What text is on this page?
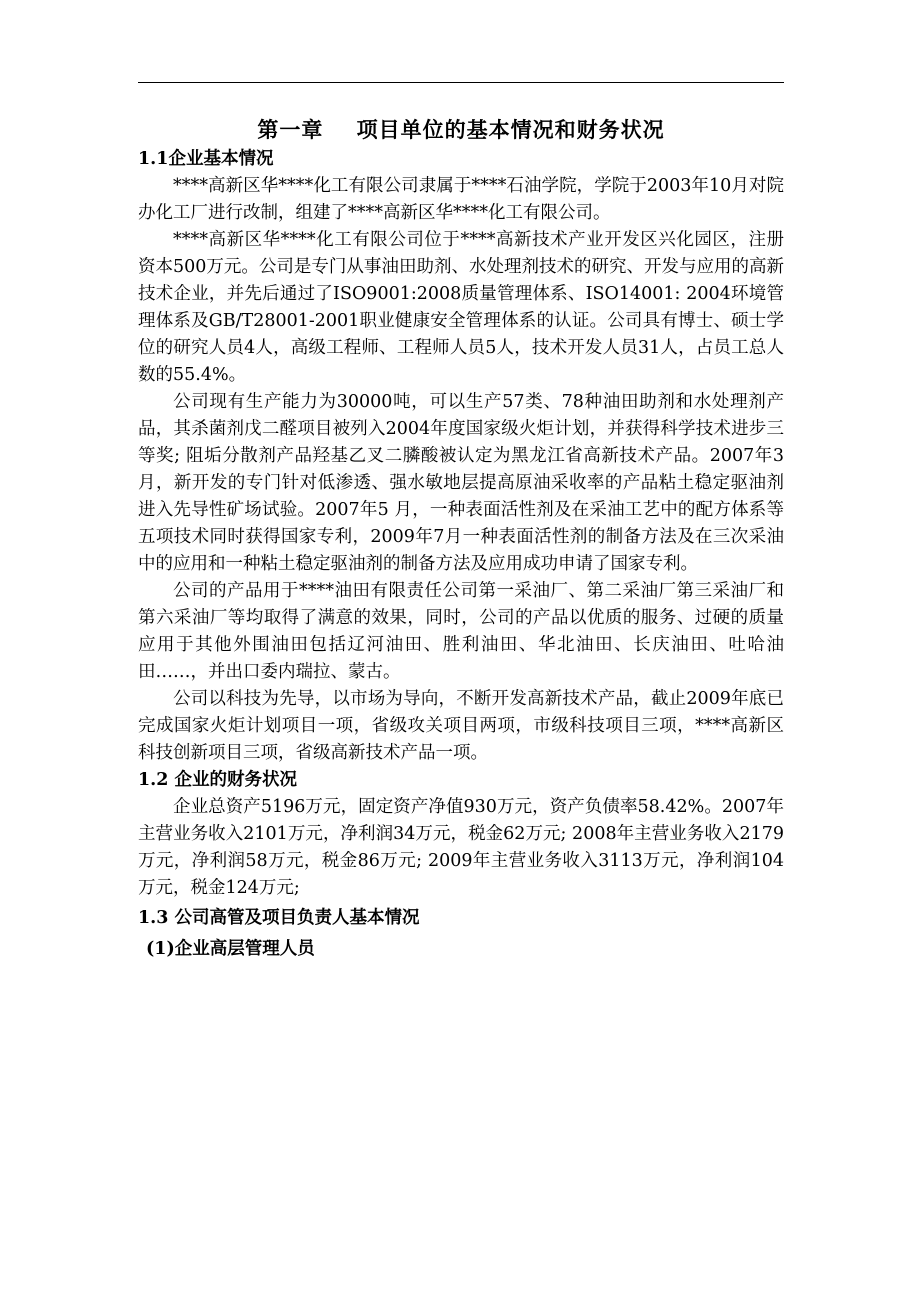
第一章    项目单位的基本情况和财务状况
1.1企业基本情况

****高新区华****化工有限公司隶属于****石油学院，学院于2003年10月对院办化工厂进行改制，组建了****高新区华****化工有限公司。

****高新区华****化工有限公司位于****高新技术产业开发区兴化园区，注册资本500万元。公司是专门从事油田助剂、水处理剂技术的研究、开发与应用的高新技术企业，并先后通过了ISO9001:2008质量管理体系、ISO14001: 2004环境管理体系及GB/T28001-2001职业健康安全管理体系的认证。公司具有博士、硕士学位的研究人员4人，高级工程师、工程师人员5人，技术开发人员31人，占员工总人数的55.4%。

公司现有生产能力为30000吨，可以生产57类、78种油田助剂和水处理剂产品，其杀菌剂戊二醛项目被列入2004年度国家级火炬计划，并获得科学技术进步三等奖; 阻垢分散剂产品羟基乙叉二膦酸被认定为黑龙江省高新技术产品。2007年3月，新开发的专门针对低渗透、强水敏地层提高原油采收率的产品粘土稳定驱油剂进入先导性矿场试验。2007年5 月，一种表面活性剂及在采油工艺中的配方体系等五项技术同时获得国家专利，2009年7月一种表面活性剂的制备方法及在三次采油中的应用和一种粘土稳定驱油剂的制备方法及应用成功申请了国家专利。

公司的产品用于****油田有限责任公司第一采油厂、第二采油厂第三采油厂和第六采油厂等均取得了满意的效果，同时，公司的产品以优质的服务、过硬的质量应用于其他外围油田包括辽河油田、胜利油田、华北油田、长庆油田、吐哈油田……，并出口委内瑞拉、蒙古。

公司以科技为先导，以市场为导向，不断开发高新技术产品，截止2009年底已完成国家火炬计划项目一项，省级攻关项目两项，市级科技项目三项，****高新区科技创新项目三项，省级高新技术产品一项。

1.2 企业的财务状况

企业总资产5196万元，固定资产净值930万元，资产负债率58.42%。2007年主营业务收入2101万元，净利润34万元，税金62万元; 2008年主营业务收入2179万元，净利润58万元，税金86万元; 2009年主营业务收入3113万元，净利润104万元，税金124万元;

1.3 公司高管及项目负责人基本情况
(1)企业高层管理人员
